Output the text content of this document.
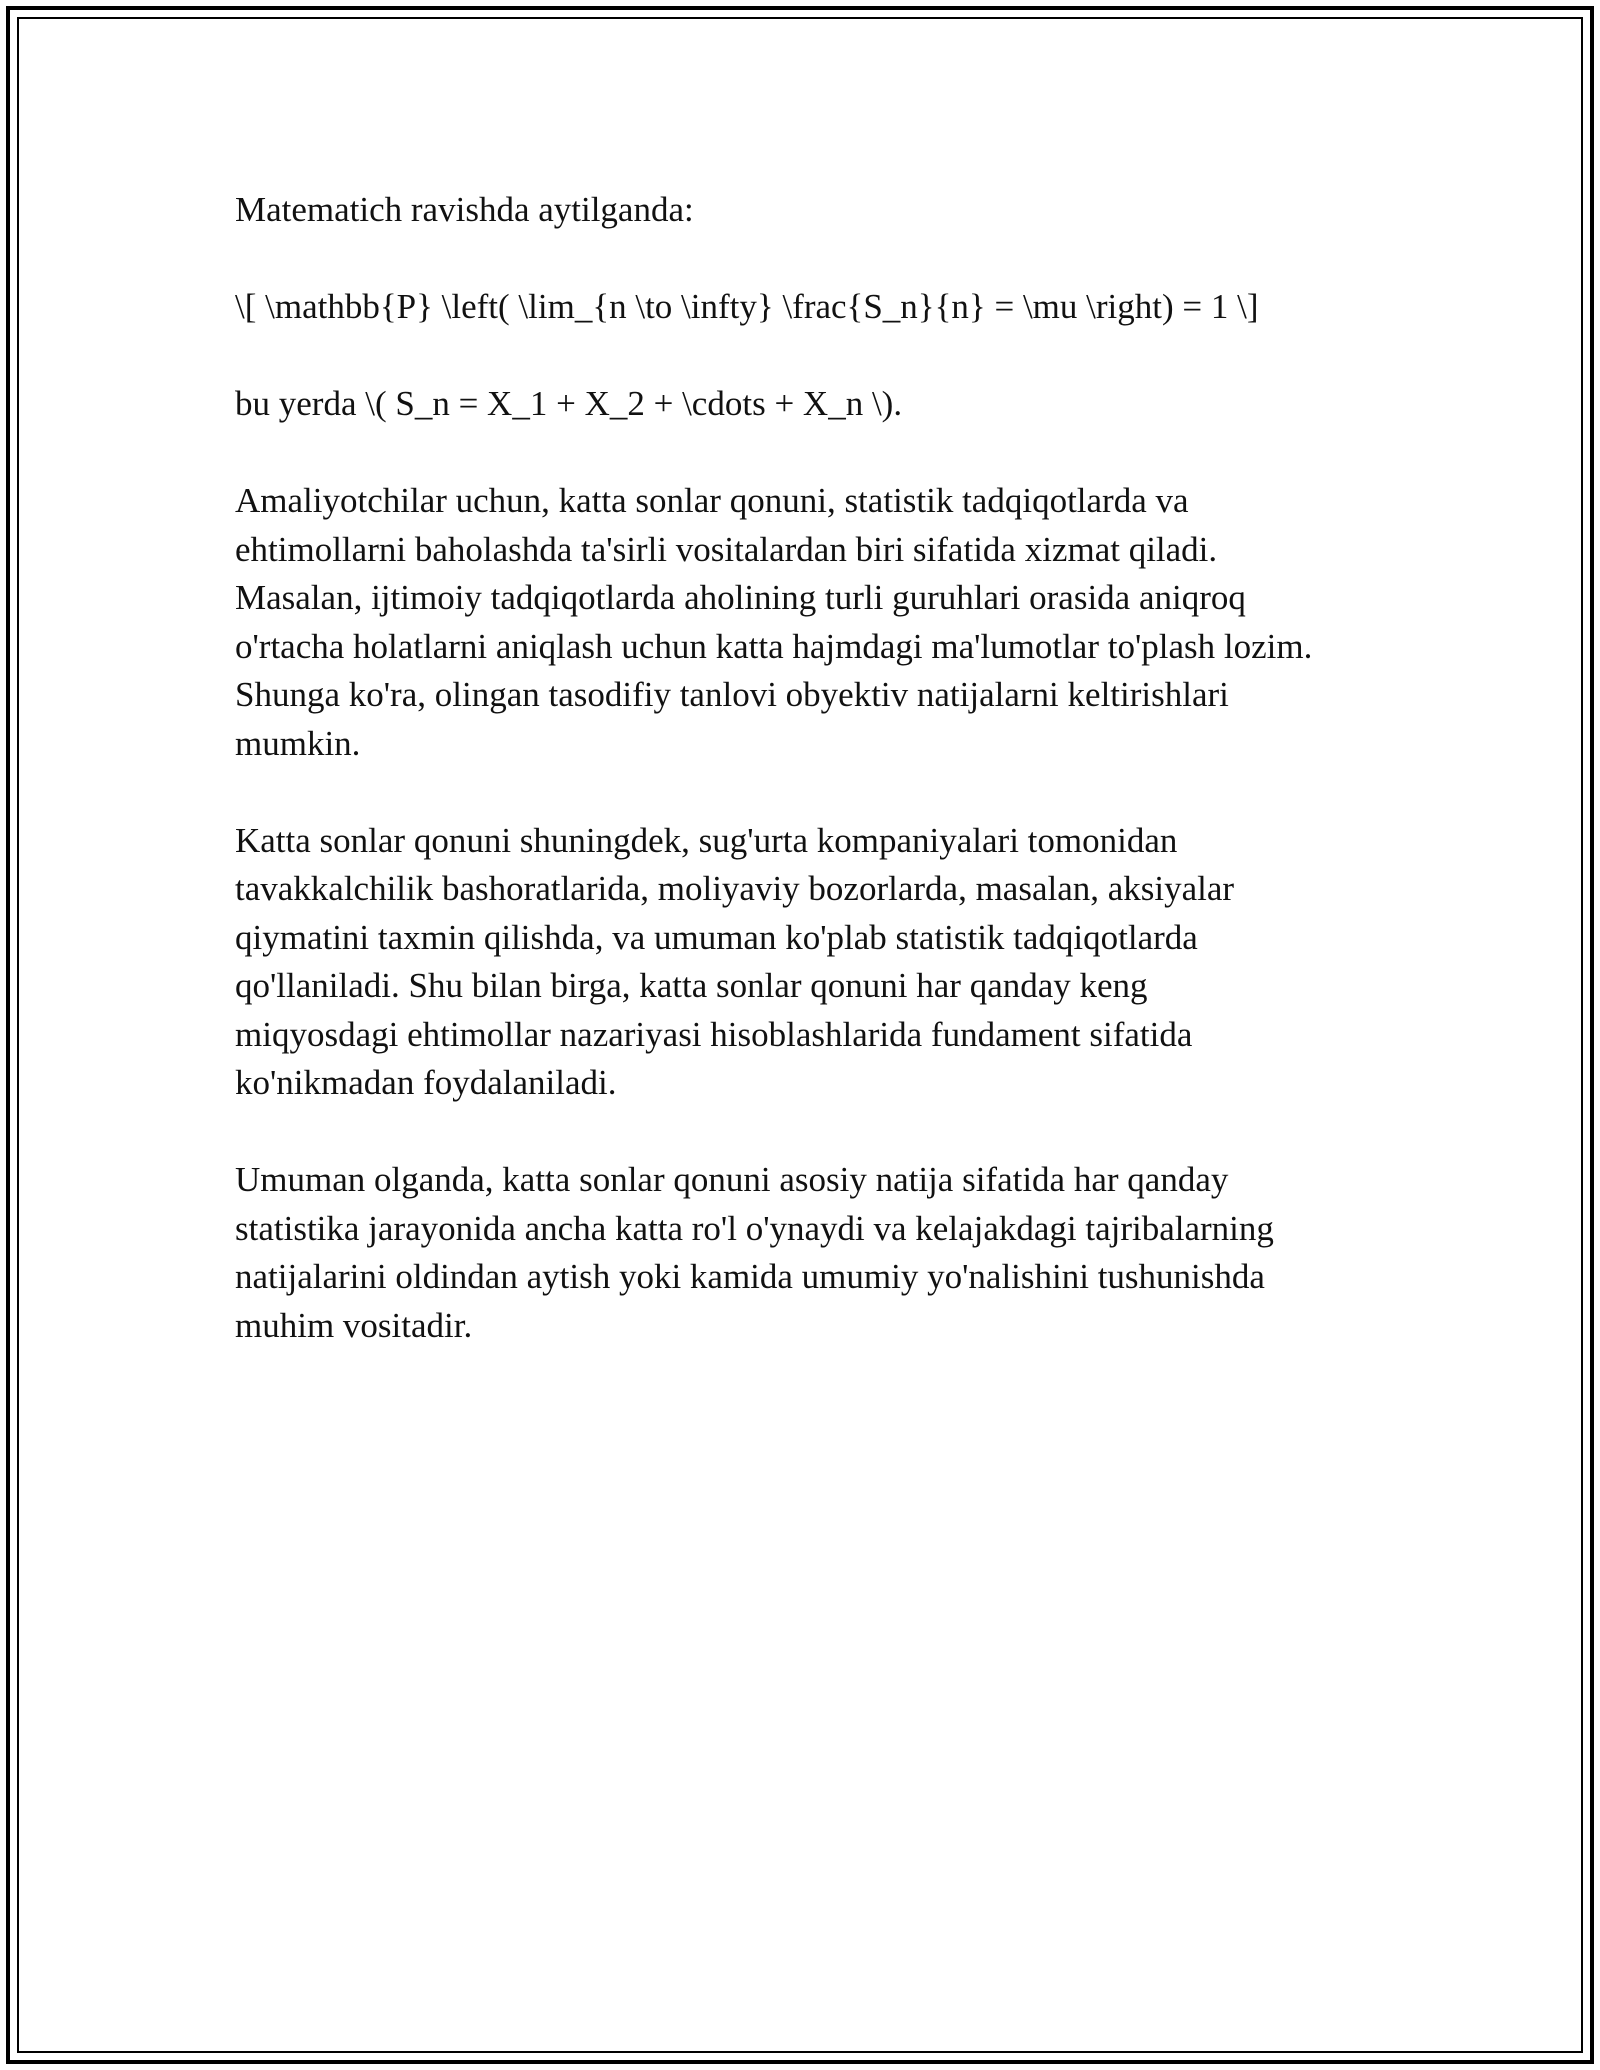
Matematich ravishda aytilganda:

\[ \mathbb{P} \left( \lim_{n \to \infty} \frac{S_n}{n} = \mu \right) = 1 \]

bu yerda \( S_n = X_1 + X_2 + \cdots + X_n \).

Amaliyotchilar uchun, katta sonlar qonuni, statistik tadqiqotlarda va
ehtimollarni baholashda ta'sirli vositalardan biri sifatida xizmat qiladi.
Masalan, ijtimoiy tadqiqotlarda aholining turli guruhlari orasida aniqroq
o'rtacha holatlarni aniqlash uchun katta hajmdagi ma'lumotlar to'plash lozim.
Shunga ko'ra, olingan tasodifiy tanlovi obyektiv natijalarni keltirishlari
mumkin.

Katta sonlar qonuni shuningdek, sug'urta kompaniyalari tomonidan
tavakkalchilik bashoratlarida, moliyaviy bozorlarda, masalan, aksiyalar
qiymatini taxmin qilishda, va umuman ko'plab statistik tadqiqotlarda
qo'llaniladi. Shu bilan birga, katta sonlar qonuni har qanday keng
miqyosdagi ehtimollar nazariyasi hisoblashlarida fundament sifatida
ko'nikmadan foydalaniladi.

Umuman olganda, katta sonlar qonuni asosiy natija sifatida har qanday
statistika jarayonida ancha katta ro'l o'ynaydi va kelajakdagi tajribalarning
natijalarini oldindan aytish yoki kamida umumiy yo'nalishini tushunishda
muhim vositadir.
